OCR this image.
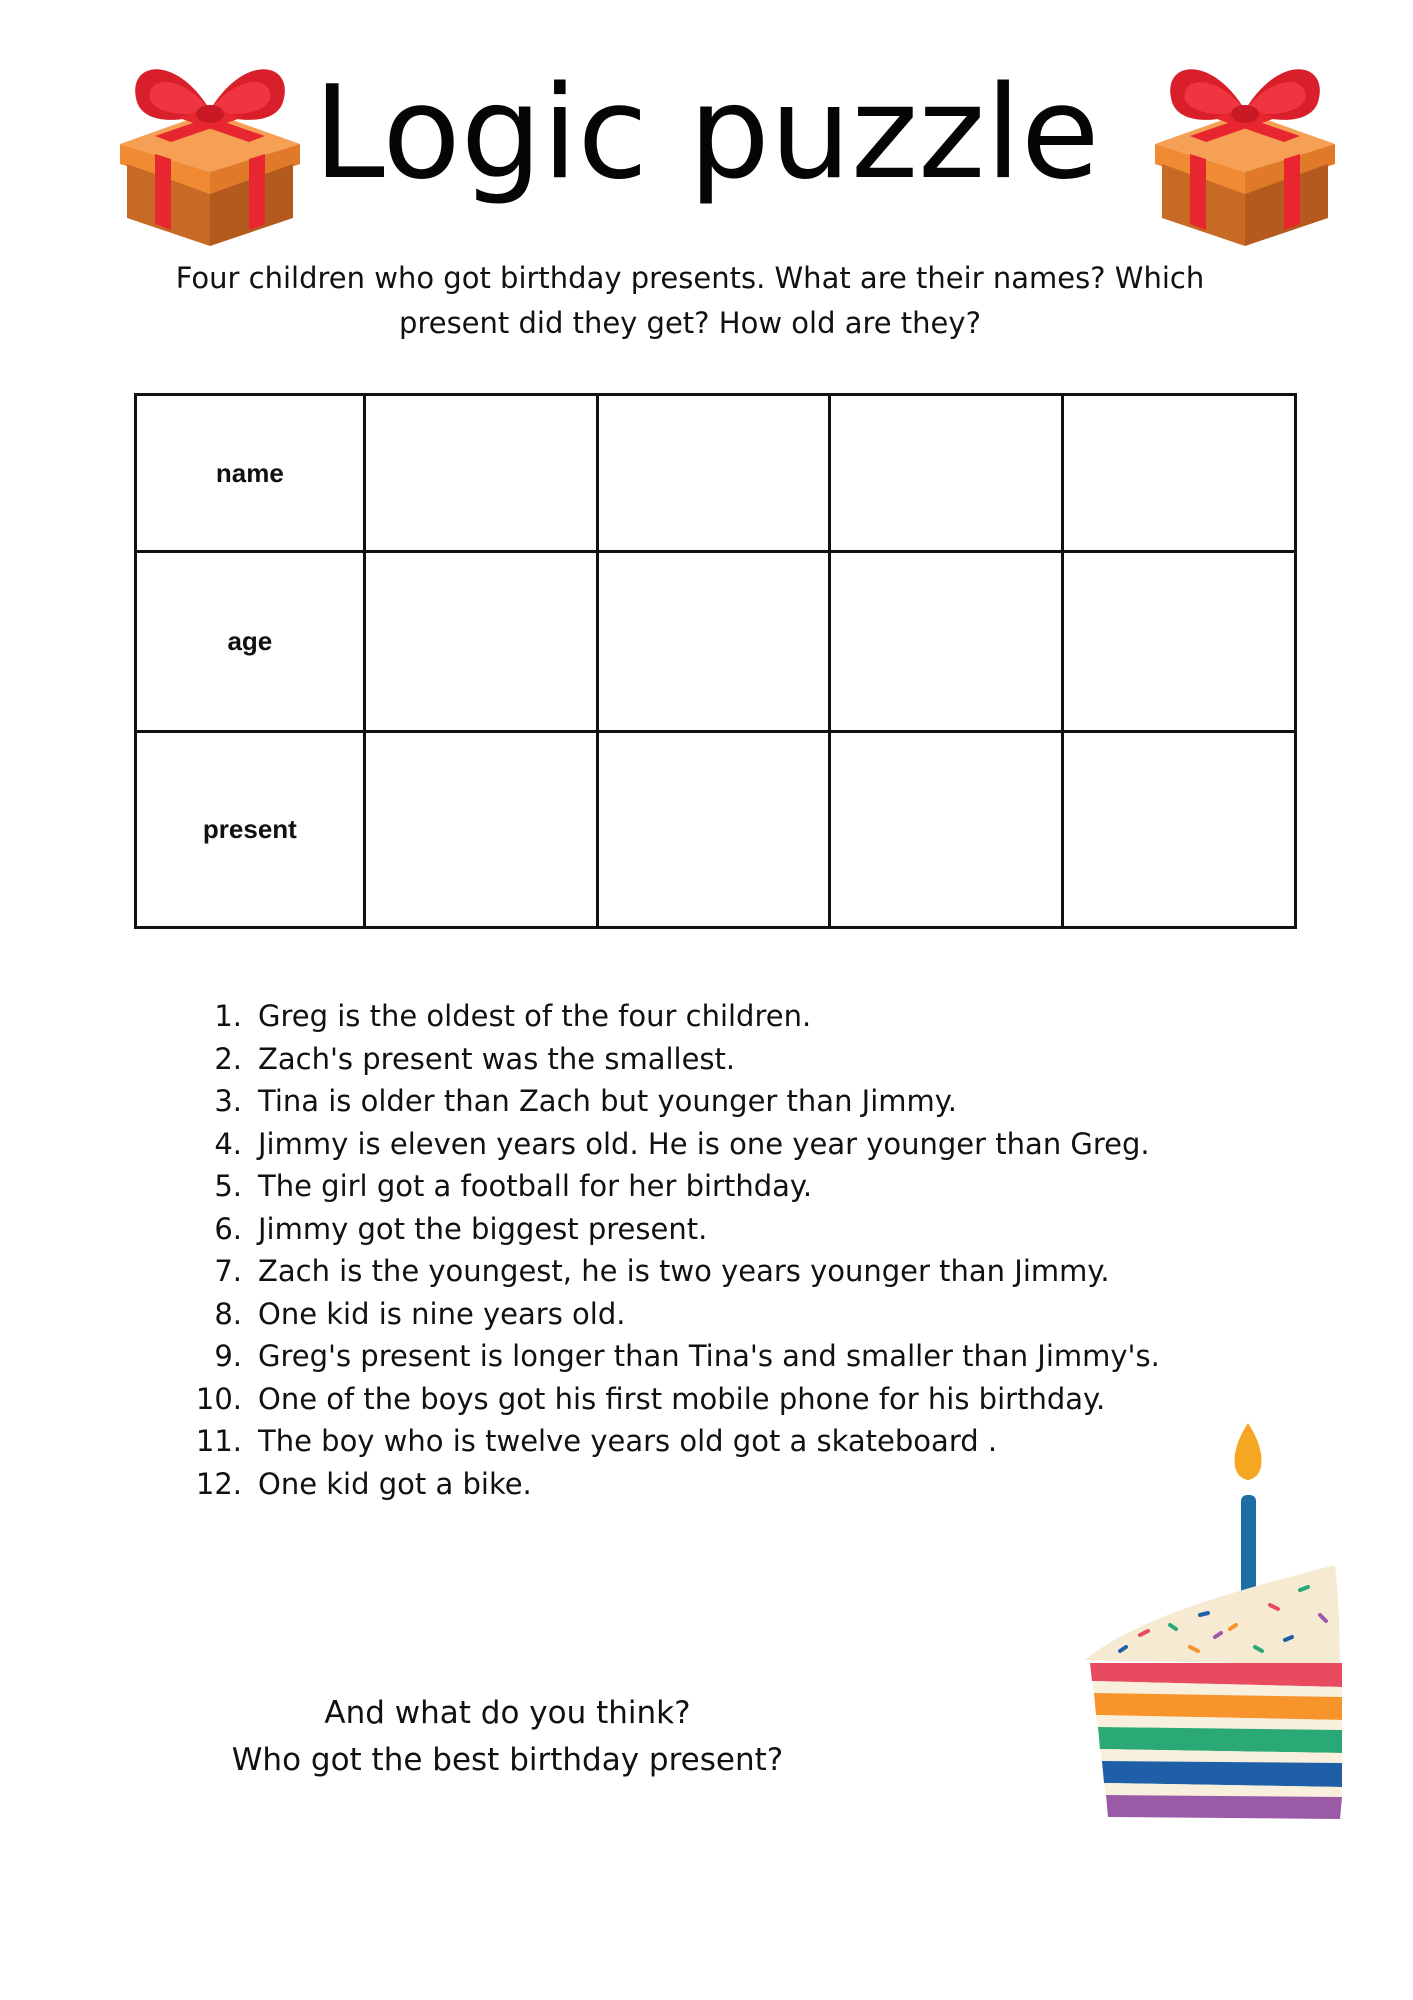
Logic puzzle

Four children who got birthday presents. What are their names? Which
present did they get? How old are they?

name				
age				
present				
1. Greg is the oldest of the four children.
2. Zach's present was the smallest.
3. Tina is older than Zach but younger than Jimmy.
4. Jimmy is eleven years old. He is one year younger than Greg.
5. The girl got a football for her birthday.
6. Jimmy got the biggest present.
7. Zach is the youngest, he is two years younger than Jimmy.
8. One kid is nine years old.
9. Greg's present is longer than Tina's and smaller than Jimmy's.
10. One of the boys got his first mobile phone for his birthday.
11. The boy who is twelve years old got a skateboard .
12. One kid got a bike.

And what do you think?
Who got the best birthday present?
